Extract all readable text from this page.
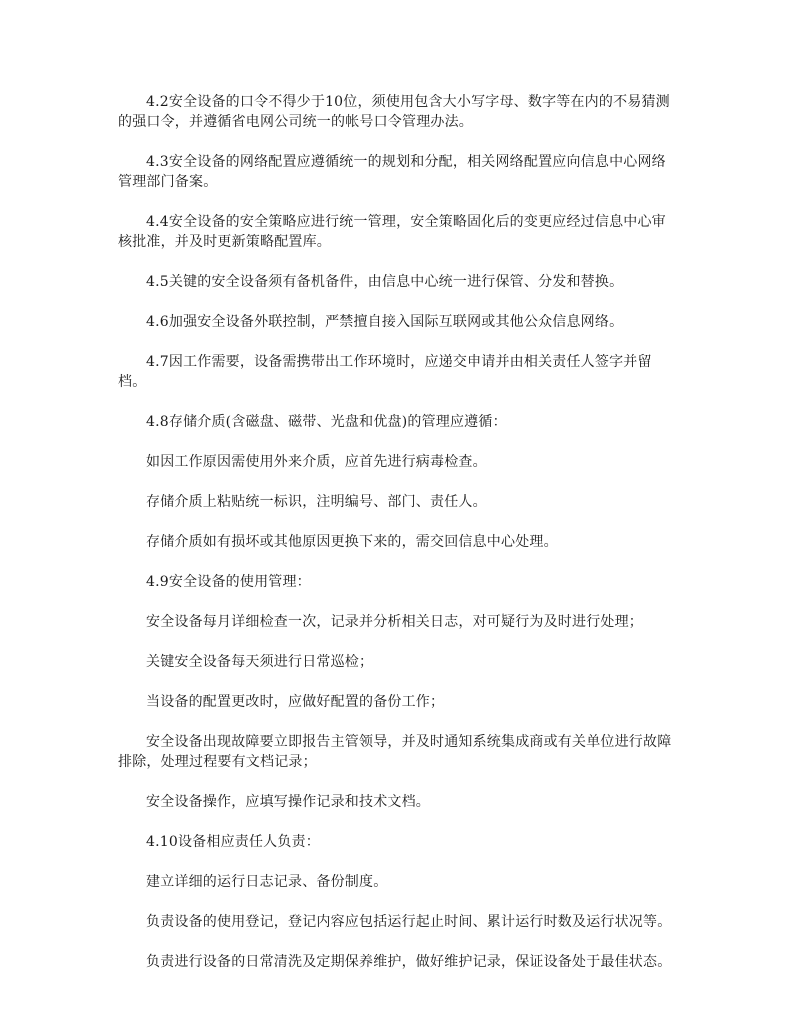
4.2安全设备的口令不得少于10位，须使用包含大小写字母、数字等在内的不易猜测的强口令，并遵循省电网公司统一的帐号口令管理办法。

4.3安全设备的网络配置应遵循统一的规划和分配，相关网络配置应向信息中心网络管理部门备案。

4.4安全设备的安全策略应进行统一管理，安全策略固化后的变更应经过信息中心审核批准，并及时更新策略配置库。

4.5关键的安全设备须有备机备件，由信息中心统一进行保管、分发和替换。

4.6加强安全设备外联控制，严禁擅自接入国际互联网或其他公众信息网络。

4.7因工作需要，设备需携带出工作环境时，应递交申请并由相关责任人签字并留档。

4.8存储介质(含磁盘、磁带、光盘和优盘)的管理应遵循：

如因工作原因需使用外来介质，应首先进行病毒检查。

存储介质上粘贴统一标识，注明编号、部门、责任人。

存储介质如有损坏或其他原因更换下来的，需交回信息中心处理。

4.9安全设备的使用管理：

安全设备每月详细检查一次，记录并分析相关日志，对可疑行为及时进行处理；

关键安全设备每天须进行日常巡检；

当设备的配置更改时，应做好配置的备份工作；

安全设备出现故障要立即报告主管领导，并及时通知系统集成商或有关单位进行故障排除，处理过程要有文档记录；

安全设备操作，应填写操作记录和技术文档。

4.10设备相应责任人负责：

建立详细的运行日志记录、备份制度。

负责设备的使用登记，登记内容应包括运行起止时间、累计运行时数及运行状况等。

负责进行设备的日常清洗及定期保养维护，做好维护记录，保证设备处于最佳状态。
